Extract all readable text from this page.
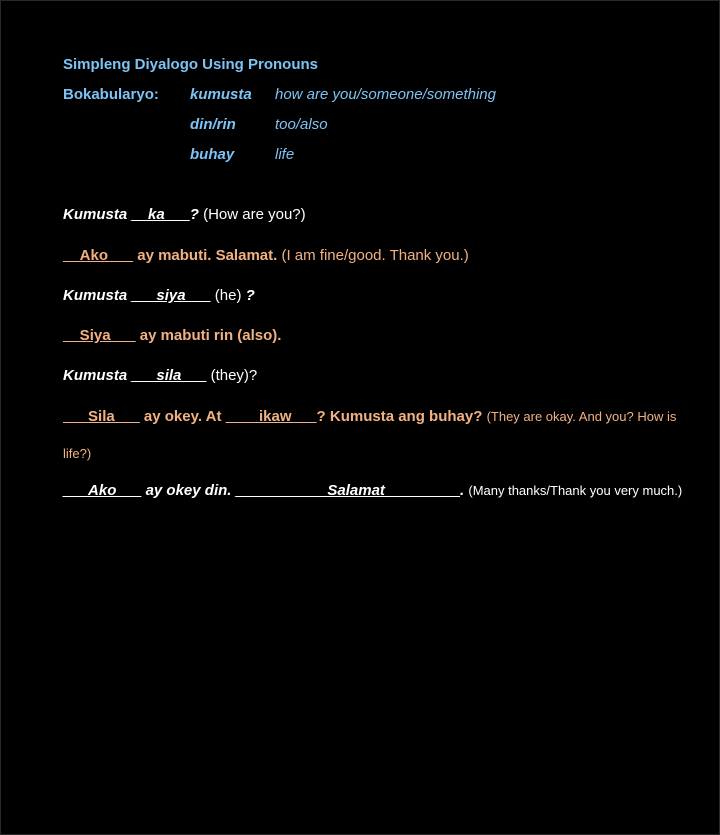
Simpleng Diyalogo Using Pronouns
Bokabularyo: kumusta how are you/someone/something
din/rin	too/also
buhay	life
Kumusta __ka___? (How are you?)
__Ako___ ay mabuti. Salamat. (I am fine/good. Thank you.)
Kumusta ___siya___ (he) ?
__Siya___ ay mabuti rin (also).
Kumusta ___sila___ (they)?
___Sila___ ay okey. At ____ikaw___? Kumusta ang buhay? (They are okay. And you? How is
life?)
___Ako___ ay okey din. ___________Salamat_________. (Many thanks/Thank you very much.)
